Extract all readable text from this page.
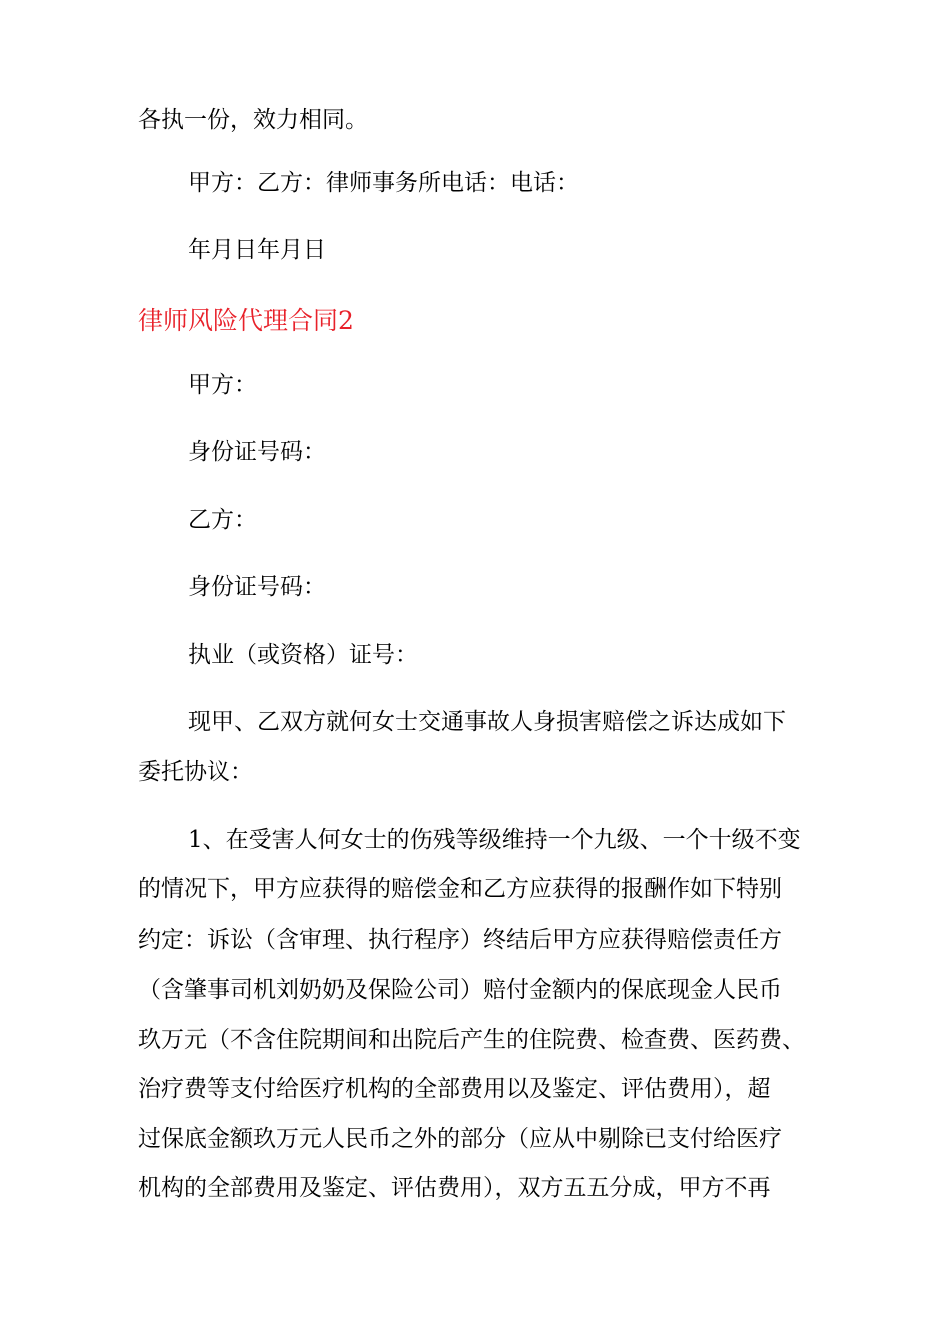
各执一份，效力相同。

甲方：乙方：律师事务所电话：电话：

年月日年月日

律师风险代理合同2

甲方：

身份证号码：

乙方：

身份证号码：

执业（或资格）证号：

现甲、乙双方就何女士交通事故人身损害赔偿之诉达成如下

委托协议：

1、在受害人何女士的伤残等级维持一个九级、一个十级不变

的情况下，甲方应获得的赔偿金和乙方应获得的报酬作如下特别

约定：诉讼（含审理、执行程序）终结后甲方应获得赔偿责任方

（含肇事司机刘奶奶及保险公司）赔付金额内的保底现金人民币

玖万元（不含住院期间和出院后产生的住院费、检查费、医药费、

治疗费等支付给医疗机构的全部费用以及鉴定、评估费用），超

过保底金额玖万元人民币之外的部分（应从中剔除已支付给医疗

机构的全部费用及鉴定、评估费用），双方五五分成，甲方不再
